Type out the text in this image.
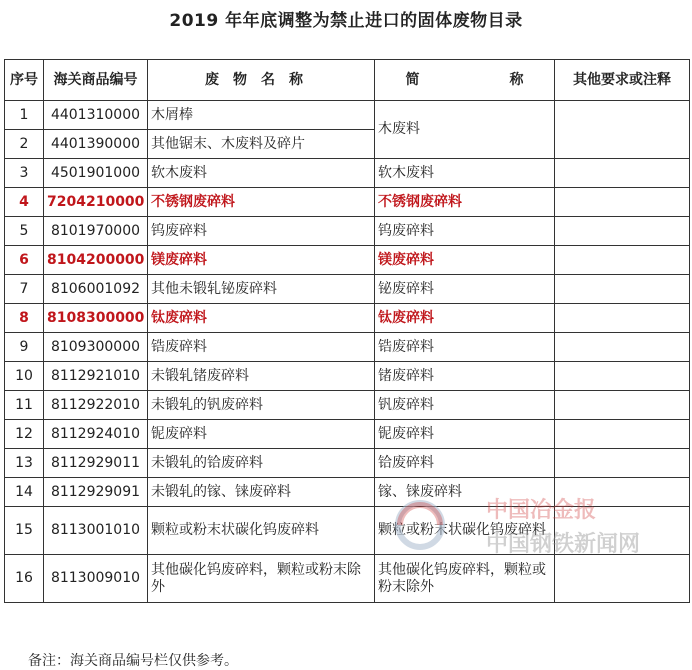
2019 年年底调整为禁止进口的固体废物目录
序号	海关商品编号	废物名称	简 称	其他要求或注释
1	4401310000	木屑棒	木废料	
2	4401390000	其他锯末、木废料及碎片		
3	4501901000	软木废料	软木废料	
4	7204210000	不锈钢废碎料	不锈钢废碎料	
5	8101970000	钨废碎料	钨废碎料	
6	8104200000	镁废碎料	镁废碎料	
7	8106001092	其他未锻轧铋废碎料	铋废碎料	
8	8108300000	钛废碎料	钛废碎料	
9	8109300000	锆废碎料	锆废碎料	
10	8112921010	未锻轧锗废碎料	锗废碎料	
11	8112922010	未锻轧的钒废碎料	钒废碎料	
12	8112924010	铌废碎料	铌废碎料	
13	8112929011	未锻轧的铪废碎料	铪废碎料	
14	8112929091	未锻轧的镓、铼废碎料	镓、铼废碎料	
15	8113001010	颗粒或粉末状碳化钨废碎料	颗粒或粉末状碳化钨废碎料	
16	8113009010	其他碳化钨废碎料，颗粒或粉末除外	其他碳化钨废碎料，颗粒或粉末除外	
备注：海关商品编号栏仅供参考。
中国冶金报
中国钢铁新闻网
